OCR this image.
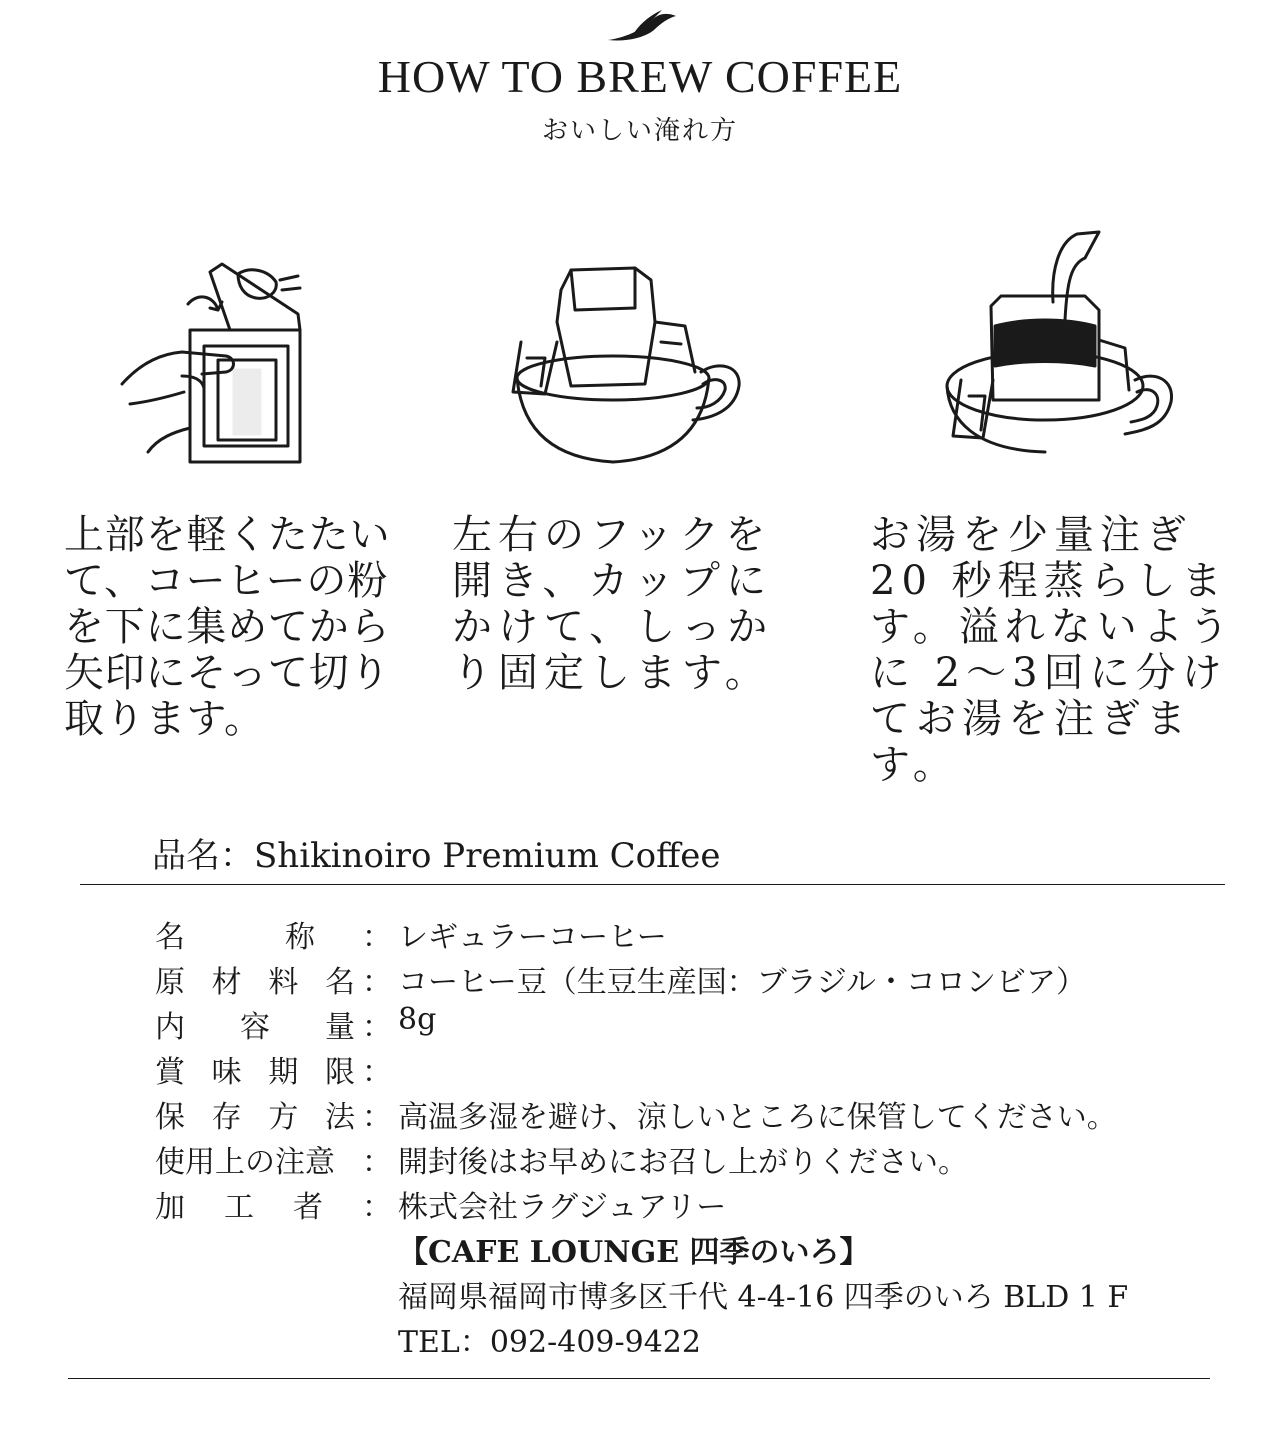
HOW TO BREW COFFEE
おいしい淹れ方
上部を軽くたたい
て、コーヒーの粉
を下に集めてから
矢印にそって切り
取ります。
左右のフックを
開き、カップに
かけて、しっか
り固定します。
お湯を少量注ぎ
20 秒程蒸らしま
す。溢れないよう
に 2〜3回に分け
てお湯を注ぎま
す。
品名：Shikinoiro Premium Coffee
名	称 ： レギュラーコーヒー
原 材 料 名 ： コーヒー豆（生豆生産国：ブラジル・コロンビア）
内 容 量 ： 8g
賞 味 期 限 ：
保 存 方 法 ： 高温多湿を避け、涼しいところに保管してください。
使用上の注意 ： 開封後はお早めにお召し上がりください。
加 工 者 ： 株式会社ラグジュアリー
【CAFE LOUNGE 四季のいろ】
福岡県福岡市博多区千代 4-4-16 四季のいろ BLD 1 F
TEL：092-409-9422
